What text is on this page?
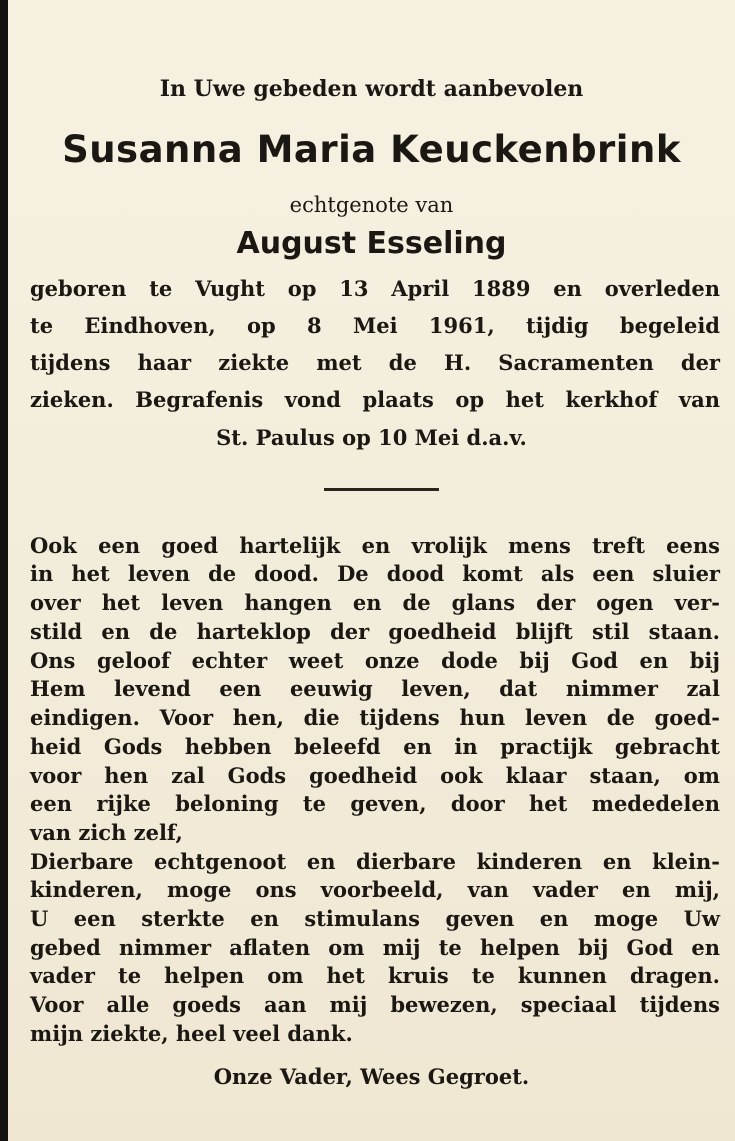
In Uwe gebeden wordt aanbevolen
Susanna Maria Keuckenbrink
echtgenote van
August Esseling
geboren te Vught op 13 April 1889 en overleden
te Eindhoven, op 8 Mei 1961, tijdig begeleid
tijdens haar ziekte met de H. Sacramenten der
zieken. Begrafenis vond plaats op het kerkhof van
St. Paulus op 10 Mei d.a.v.
Ook een goed hartelijk en vrolijk mens treft eens
in het leven de dood. De dood komt als een sluier
over het leven hangen en de glans der ogen ver-
stild en de harteklop der goedheid blijft stil staan.
Ons geloof echter weet onze dode bij God en bij
Hem levend een eeuwig leven, dat nimmer zal
eindigen. Voor hen, die tijdens hun leven de goed-
heid Gods hebben beleefd en in practijk gebracht
voor hen zal Gods goedheid ook klaar staan, om
een rijke beloning te geven, door het mededelen
van zich zelf,
Dierbare echtgenoot en dierbare kinderen en klein-
kinderen, moge ons voorbeeld, van vader en mij,
U een sterkte en stimulans geven en moge Uw
gebed nimmer aflaten om mij te helpen bij God en
vader te helpen om het kruis te kunnen dragen.
Voor alle goeds aan mij bewezen, speciaal tijdens
mijn ziekte, heel veel dank.
Onze Vader, Wees Gegroet.
